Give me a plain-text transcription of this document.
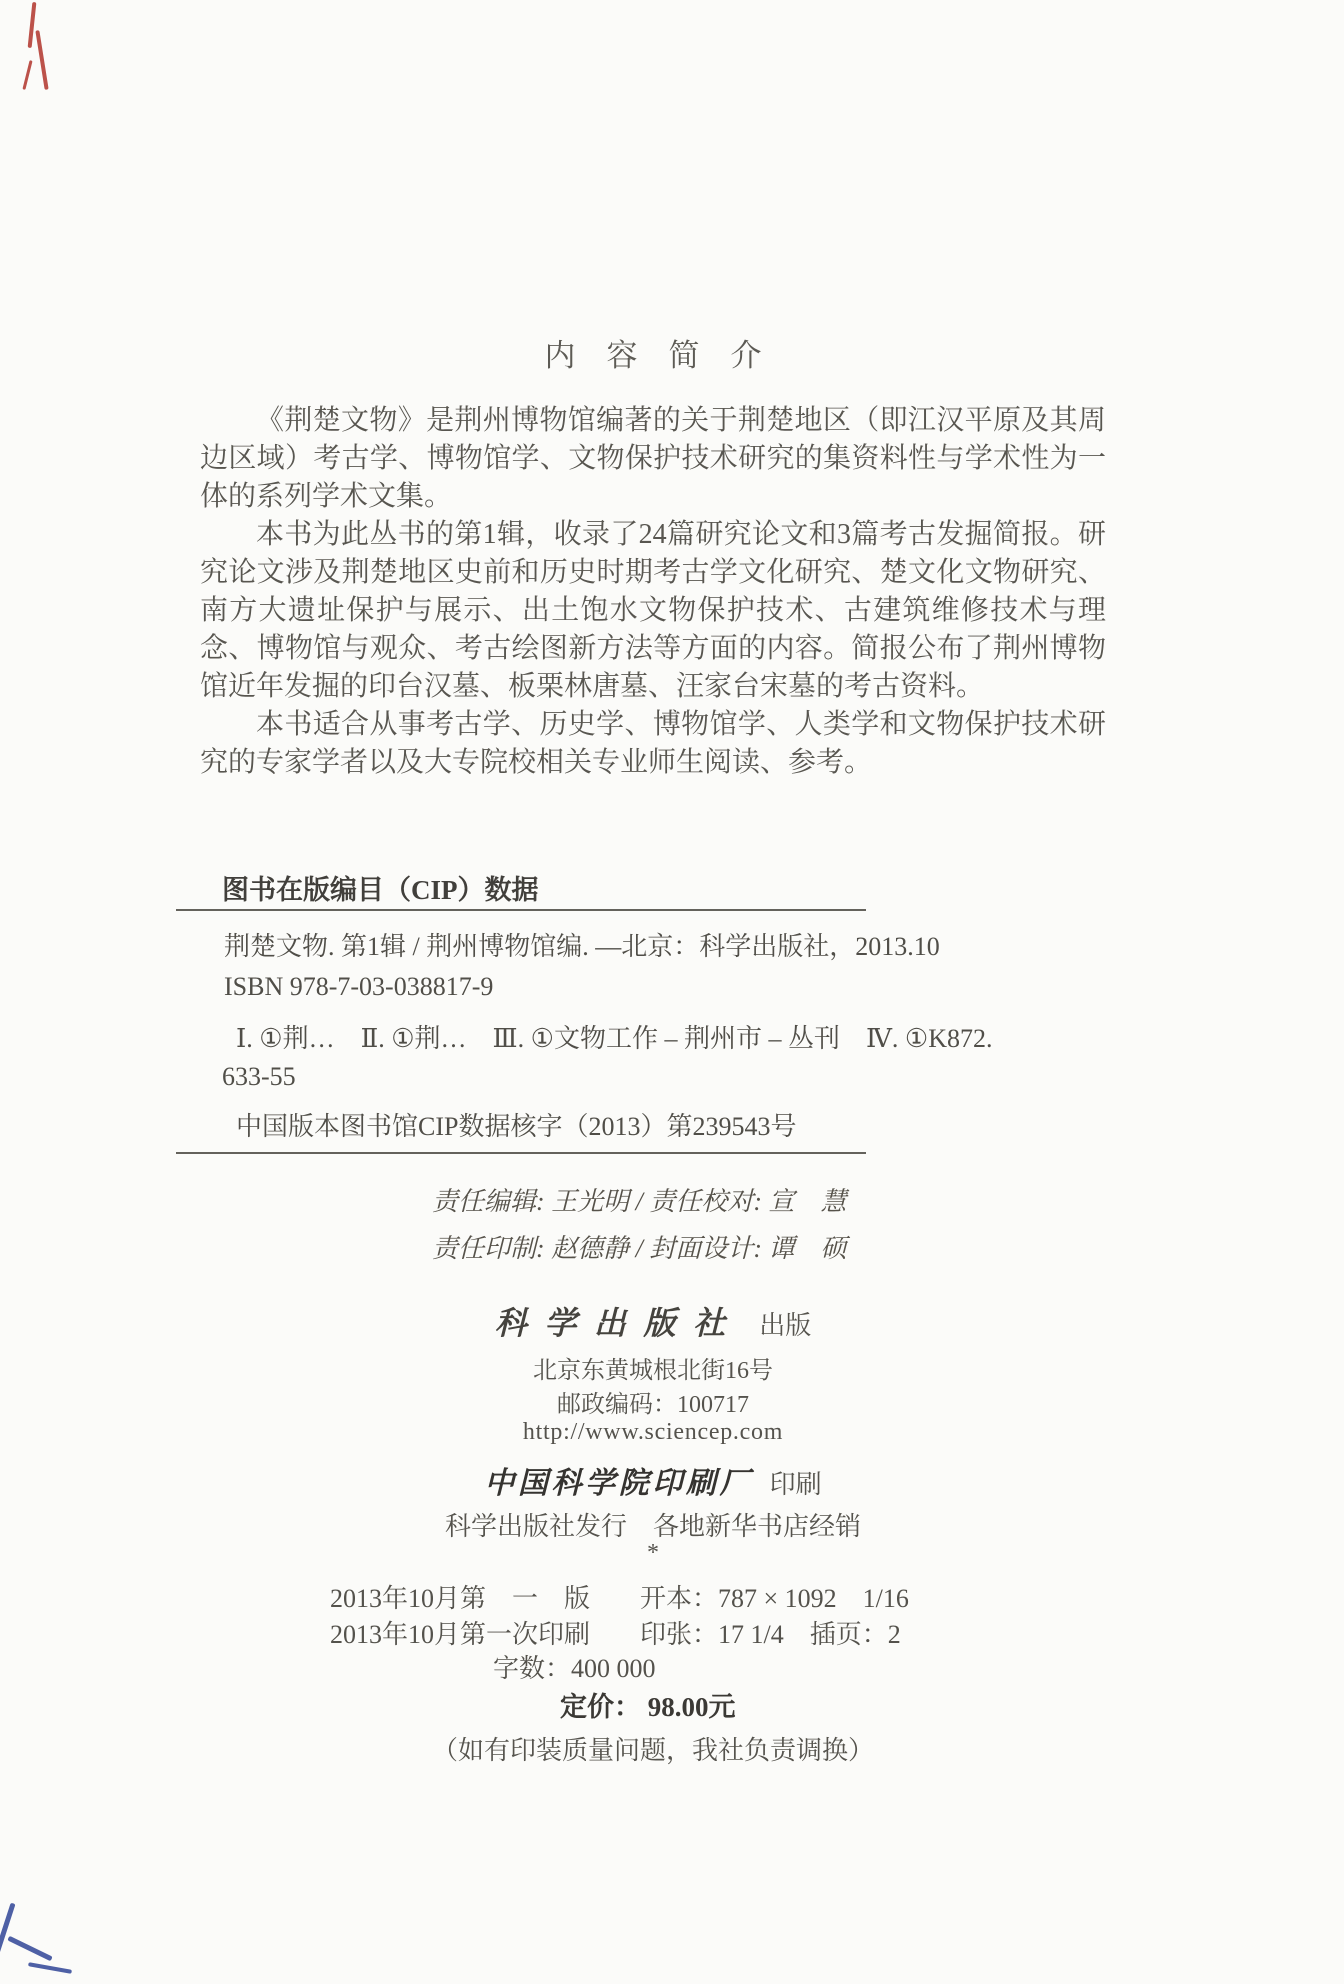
内容简介

《荆楚文物》是荆州博物馆编著的关于荆楚地区（即江汉平原及其周边区域）考古学、博物馆学、文物保护技术研究的集资料性与学术性为一体的系列学术文集。

本书为此丛书的第1辑，收录了24篇研究论文和3篇考古发掘简报。研究论文涉及荆楚地区史前和历史时期考古学文化研究、楚文化文物研究、南方大遗址保护与展示、出土饱水文物保护技术、古建筑维修技术与理念、博物馆与观众、考古绘图新方法等方面的内容。简报公布了荆州博物馆近年发掘的印台汉墓、板栗林唐墓、汪家台宋墓的考古资料。

本书适合从事考古学、历史学、博物馆学、人类学和文物保护技术研究的专家学者以及大专院校相关专业师生阅读、参考。

图书在版编目（CIP）数据
荆楚文物. 第1辑 / 荆州博物馆编. —北京：科学出版社，2013.10
ISBN 978-7-03-038817-9
Ⅰ. ①荆…　Ⅱ. ①荆…　Ⅲ. ①文物工作 – 荆州市 – 丛刊　Ⅳ. ①K872.
633-55
中国版本图书馆CIP数据核字（2013）第239543号
责任编辑: 王光明 / 责任校对: 宣　慧
责任印制: 赵德静 / 封面设计: 谭　硕
科学出版社 出版
北京东黄城根北街16号
邮政编码：100717
http://www.sciencep.com
中国科学院印刷厂 印刷
科学出版社发行　各地新华书店经销
*
2013年10月第　一　版 开本：787 × 1092　1/16
2013年10月第一次印刷 印张：17 1/4　插页：2
字数：400 000
定价： 98.00元
（如有印装质量问题，我社负责调换）
